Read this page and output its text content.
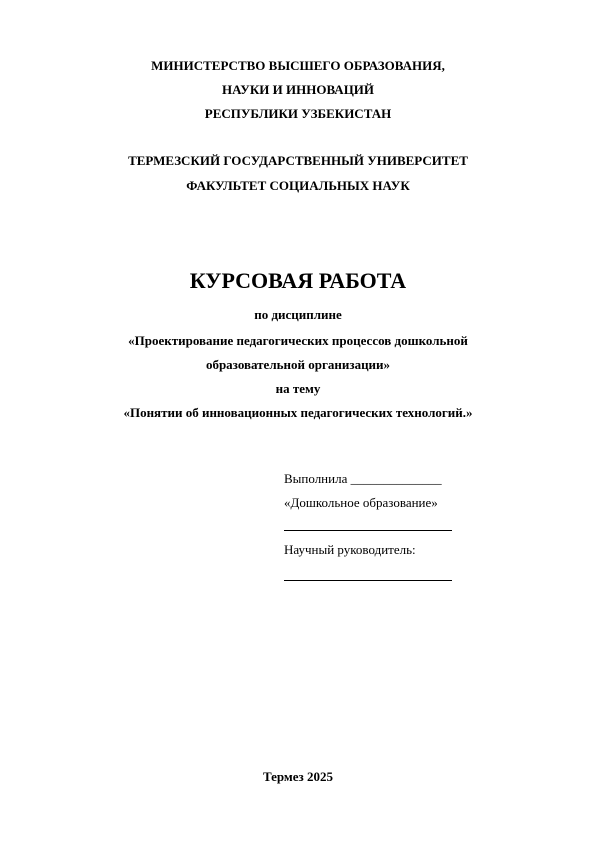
МИНИСТЕРСТВО ВЫСШЕГО ОБРАЗОВАНИЯ,
НАУКИ И ИННОВАЦИЙ
РЕСПУБЛИКИ УЗБЕКИСТАН
ТЕРМЕЗСКИЙ ГОСУДАРСТВЕННЫЙ УНИВЕРСИТЕТ
ФАКУЛЬТЕТ СОЦИАЛЬНЫХ НАУК
КУРСОВАЯ РАБОТА
по дисциплине
«Проектирование педагогических процессов дошкольной
образовательной организации»
на тему
«Понятии об инновационных педагогических технологий.»
Выполнила ______________
«Дошкольное образование»
Научный руководитель:
Термез 2025
